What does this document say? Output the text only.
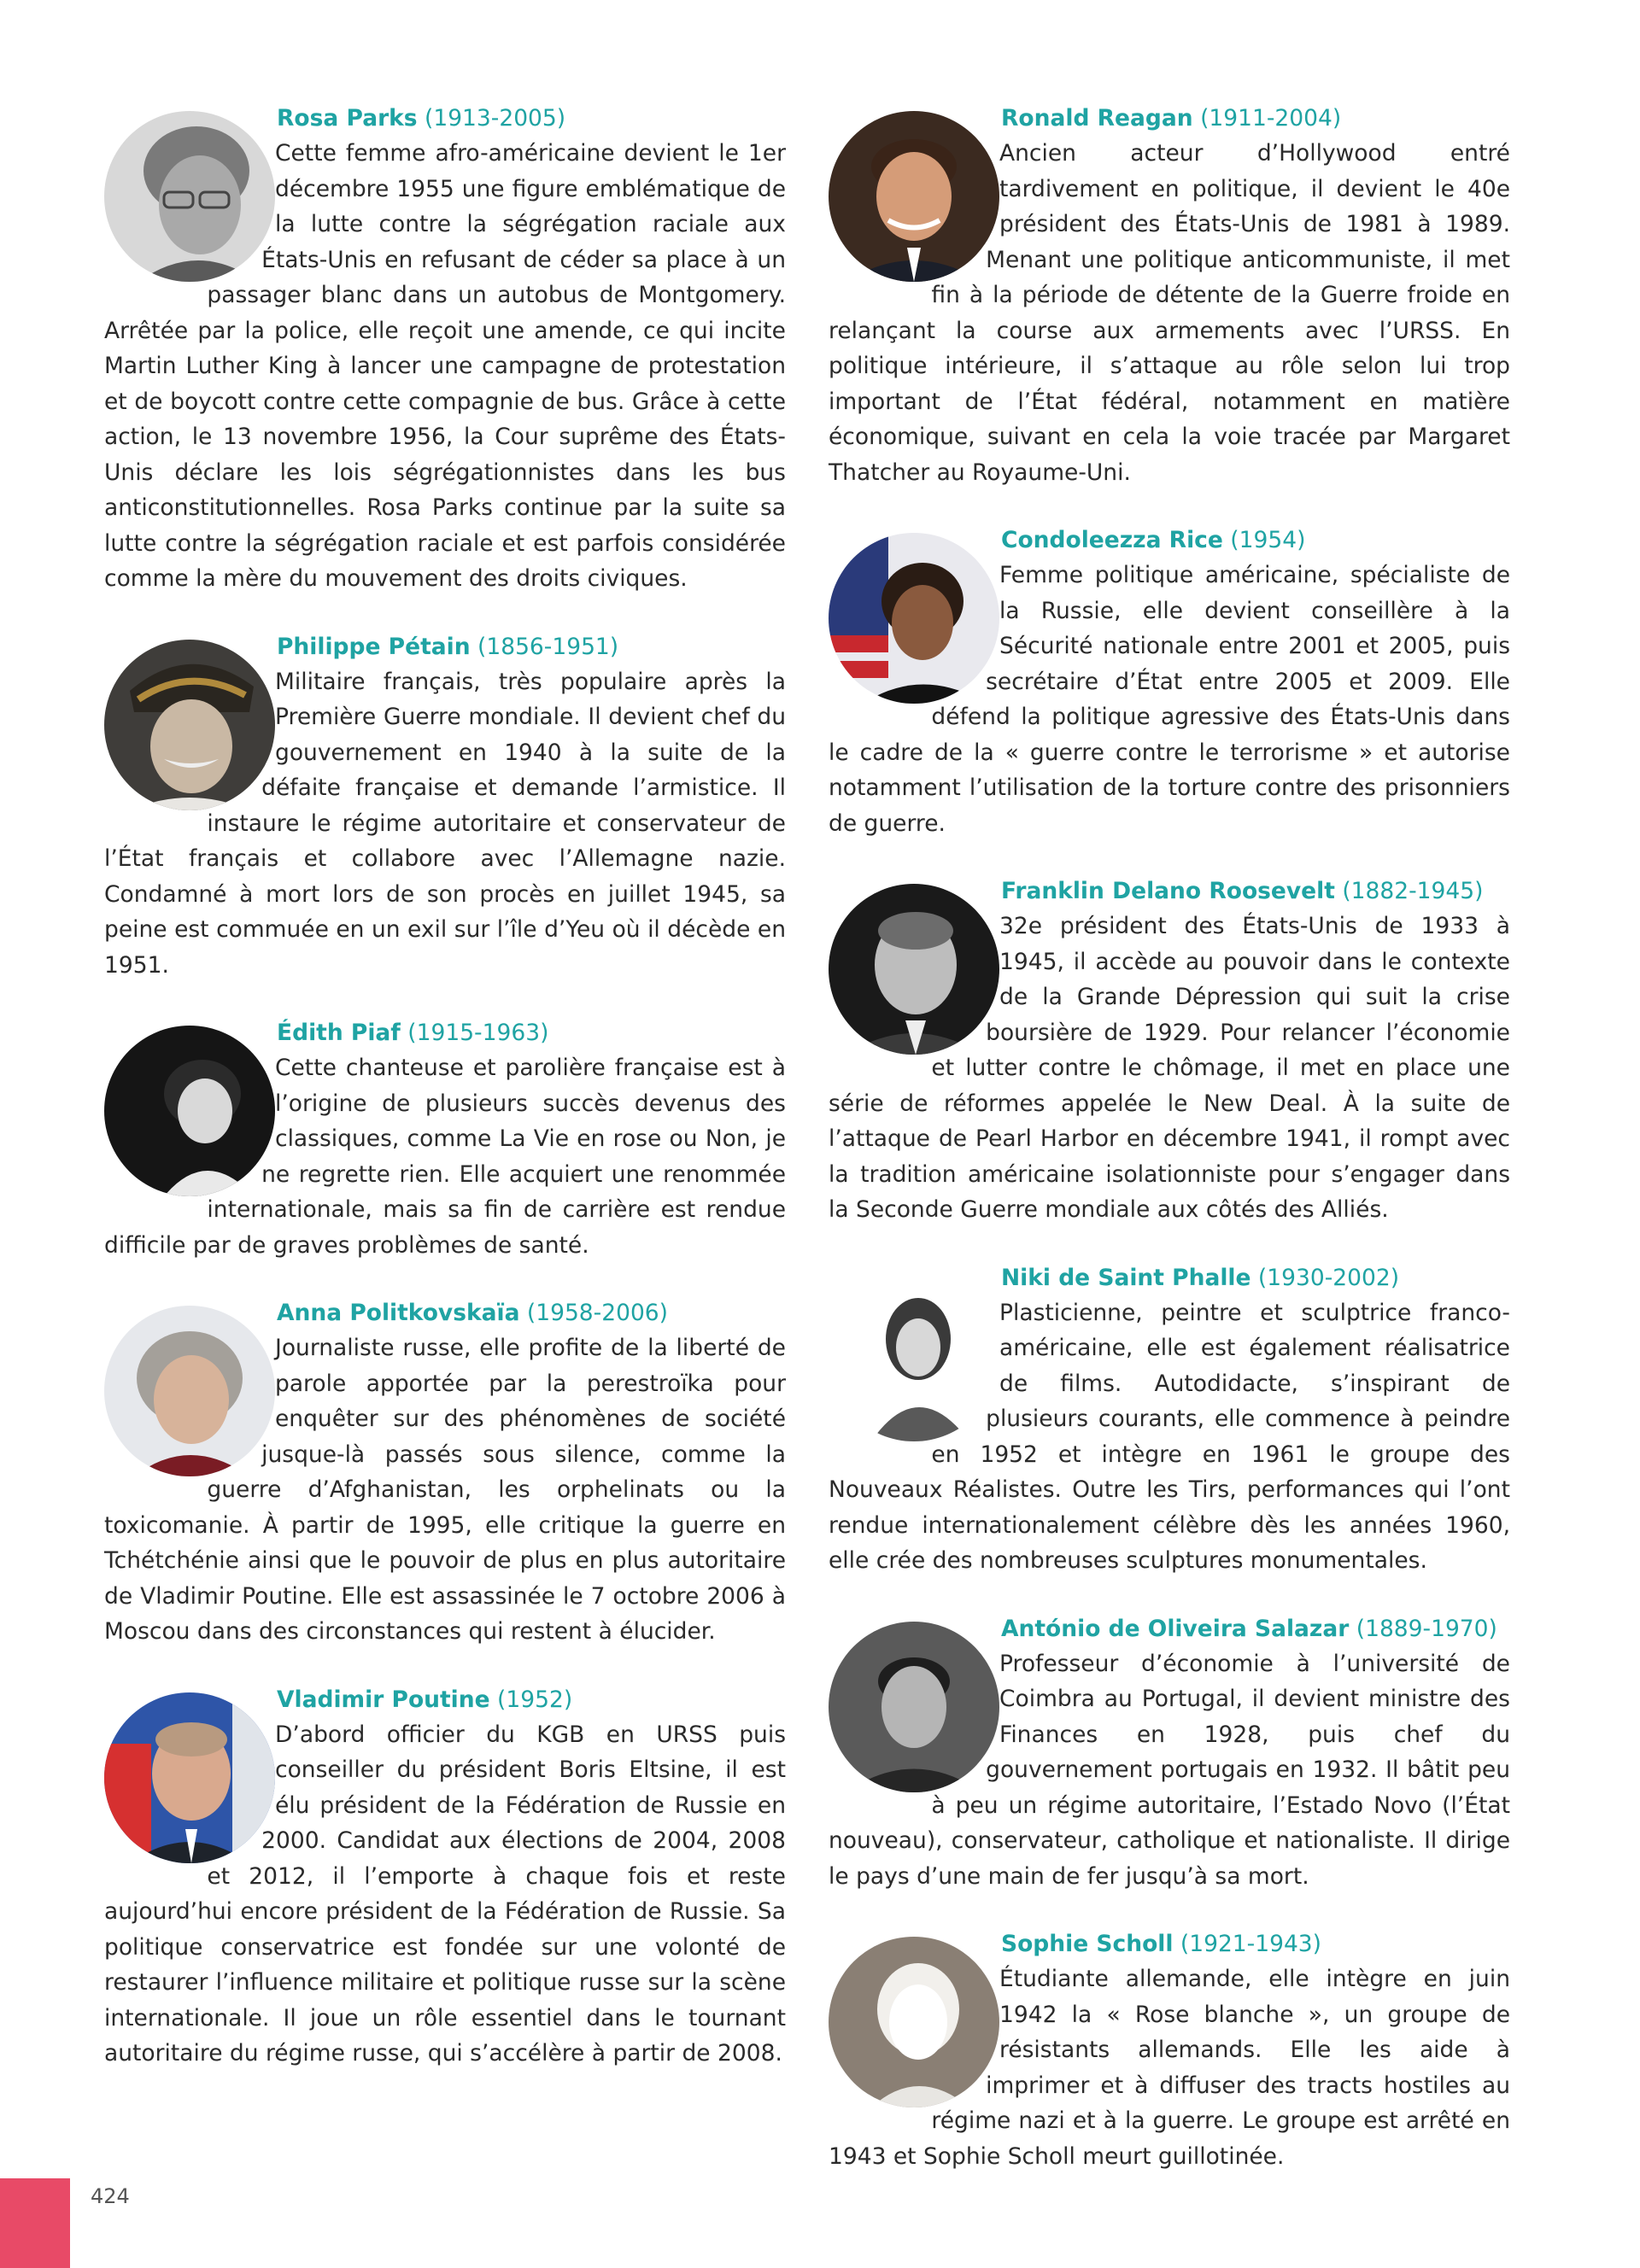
Rosa Parks (1913-2005)

Cette femme afro-américaine devient le 1er décembre 1955 une figure emblématique de la lutte contre la ségrégation raciale aux États-Unis en refusant de céder sa place à un passager blanc dans un autobus de Montgomery. Arrêtée par la police, elle reçoit une amende, ce qui incite Martin Luther King à lancer une campagne de protestation et de boycott contre cette compagnie de bus. Grâce à cette action, le 13 novembre 1956, la Cour suprême des États-Unis déclare les lois ségrégationnistes dans les bus anticonstitutionnelles. Rosa Parks continue par la suite sa lutte contre la ségrégation raciale et est parfois considérée comme la mère du mouvement des droits civiques.

Philippe Pétain (1856-1951)

Militaire français, très populaire après la Première Guerre mondiale. Il devient chef du gouvernement en 1940 à la suite de la défaite française et demande l’armistice. Il instaure le régime autoritaire et conservateur de l’État français et collabore avec l’Allemagne nazie. Condamné à mort lors de son procès en juillet 1945, sa peine est commuée en un exil sur l’île d’Yeu où il décède en 1951.

Édith Piaf (1915-1963)

Cette chanteuse et parolière française est à l’origine de plusieurs succès devenus des classiques, comme La Vie en rose ou Non, je ne regrette rien. Elle acquiert une renommée internationale, mais sa fin de carrière est rendue difficile par de graves problèmes de santé.

Anna Politkovskaïa (1958-2006)

Journaliste russe, elle profite de la liberté de parole apportée par la perestroïka pour enquêter sur des phénomènes de société jusque-là passés sous silence, comme la guerre d’Afghanistan, les orphelinats ou la toxicomanie. À partir de 1995, elle critique la guerre en Tchétchénie ainsi que le pouvoir de plus en plus autoritaire de Vladimir Poutine. Elle est assassinée le 7 octobre 2006 à Moscou dans des circonstances qui restent à élucider.

Vladimir Poutine (1952)

D’abord officier du KGB en URSS puis conseiller du président Boris Eltsine, il est élu président de la Fédération de Russie en 2000. Candidat aux élections de 2004, 2008 et 2012, il l’emporte à chaque fois et reste aujourd’hui encore président de la Fédération de Russie. Sa politique conservatrice est fondée sur une volonté de restaurer l’influence militaire et politique russe sur la scène internationale. Il joue un rôle essentiel dans le tournant autoritaire du régime russe, qui s’accélère à partir de 2008.

Ronald Reagan (1911-2004)

Ancien acteur d’Hollywood entré tardivement en politique, il devient le 40e président des États-Unis de 1981 à 1989. Menant une politique anticommuniste, il met fin à la période de détente de la Guerre froide en relançant la course aux armements avec l’URSS. En politique intérieure, il s’attaque au rôle selon lui trop important de l’État fédéral, notamment en matière économique, suivant en cela la voie tracée par Margaret Thatcher au Royaume-Uni.

Condoleezza Rice (1954)

Femme politique américaine, spécialiste de la Russie, elle devient conseillère à la Sécurité nationale entre 2001 et 2005, puis secrétaire d’État entre 2005 et 2009. Elle défend la politique agressive des États-Unis dans le cadre de la « guerre contre le terrorisme » et autorise notamment l’utilisation de la torture contre des prisonniers de guerre.

Franklin Delano Roosevelt (1882-1945)

32e président des États-Unis de 1933 à 1945, il accède au pouvoir dans le contexte de la Grande Dépression qui suit la crise boursière de 1929. Pour relancer l’économie et lutter contre le chômage, il met en place une série de réformes appelée le New Deal. À la suite de l’attaque de Pearl Harbor en décembre 1941, il rompt avec la tradition américaine isolationniste pour s’engager dans la Seconde Guerre mondiale aux côtés des Alliés.

Niki de Saint Phalle (1930-2002)

Plasticienne, peintre et sculptrice franco-américaine, elle est également réalisatrice de films. Autodidacte, s’inspirant de plusieurs courants, elle commence à peindre en 1952 et intègre en 1961 le groupe des Nouveaux Réalistes. Outre les Tirs, performances qui l’ont rendue internationalement célèbre dès les années 1960, elle crée des nombreuses sculptures monumentales.

António de Oliveira Salazar (1889-1970)

Professeur d’économie à l’université de Coimbra au Portugal, il devient ministre des Finances en 1928, puis chef du gouvernement portugais en 1932. Il bâtit peu à peu un régime autoritaire, l’Estado Novo (l’État nouveau), conservateur, catholique et nationaliste. Il dirige le pays d’une main de fer jusqu’à sa mort.

Sophie Scholl (1921-1943)

Étudiante allemande, elle intègre en juin 1942 la « Rose blanche », un groupe de résistants allemands. Elle les aide à imprimer et à diffuser des tracts hostiles au régime nazi et à la guerre. Le groupe est arrêté en 1943 et Sophie Scholl meurt guillotinée.

424
